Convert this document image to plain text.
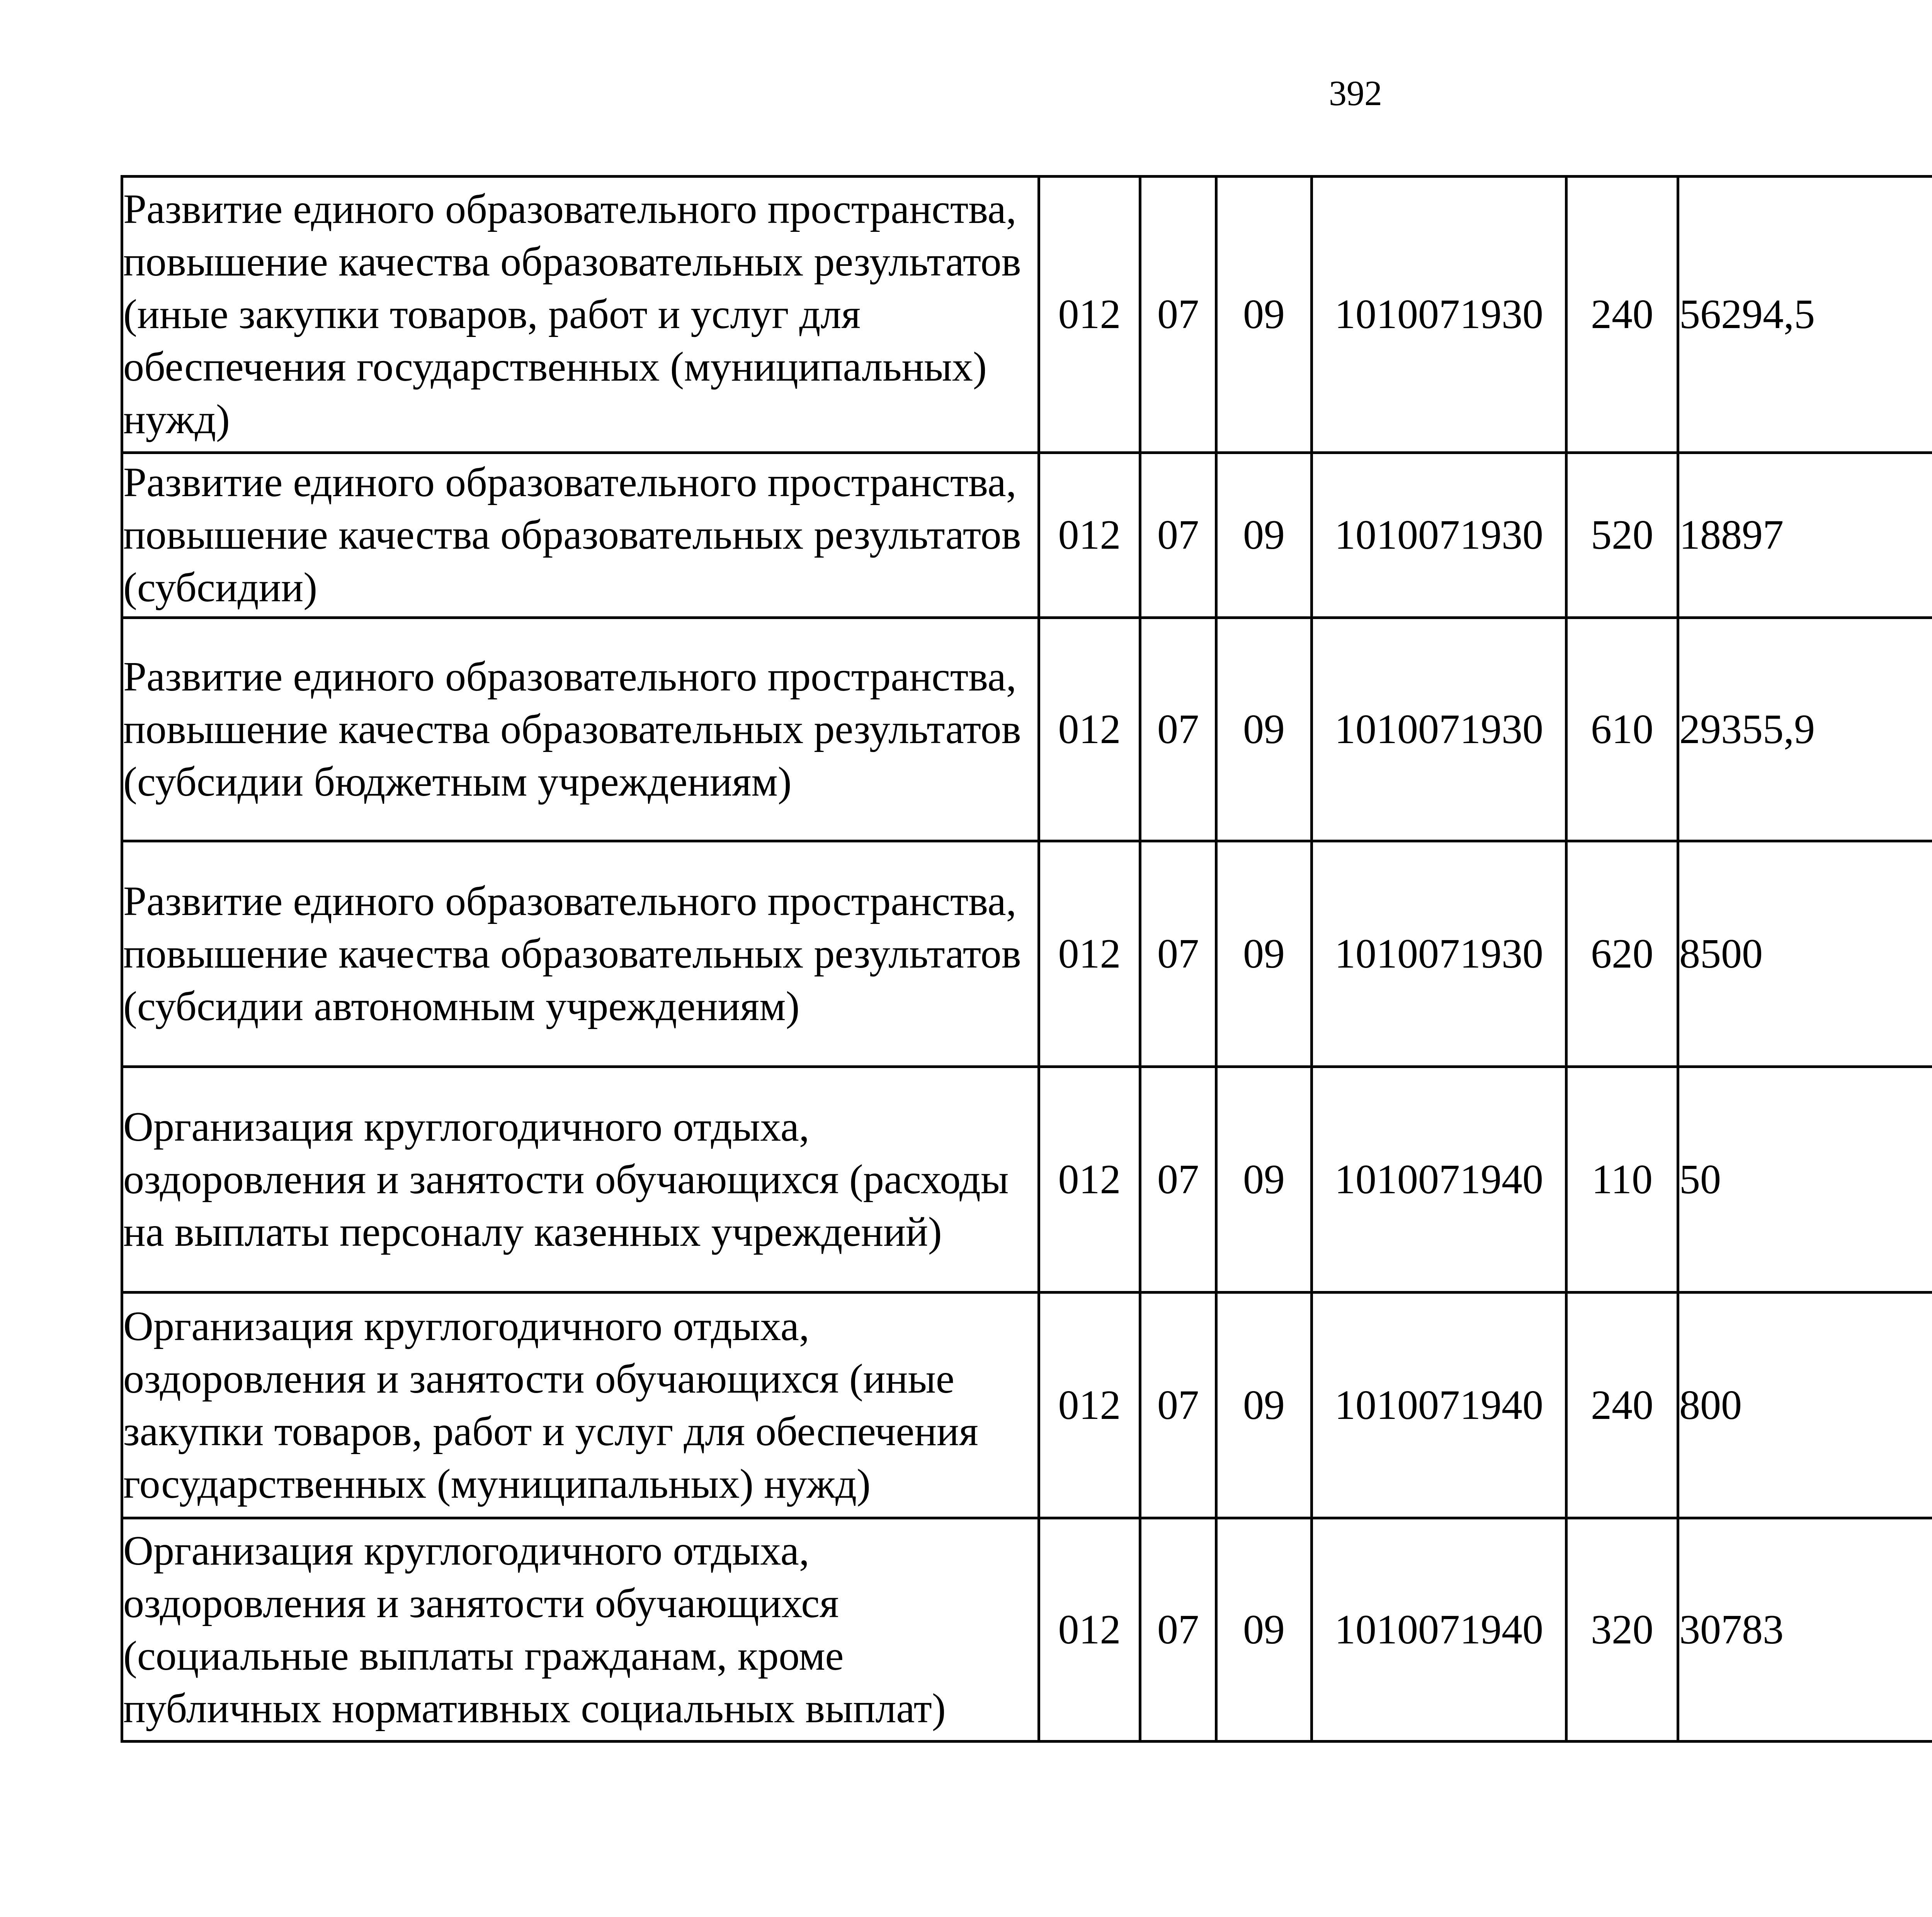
392
Развитие единого образовательного пространства, повышение качества образовательных результатов (иные закупки товаров, работ и услуг для обеспечения государственных (муниципальных) нужд)	012	07	09	1010071930	240	56294,5		
Развитие единого образовательного пространства, повышение качества образовательных результатов (субсидии)	012	07	09	1010071930	520	18897		
Развитие единого образовательного пространства, повышение качества образовательных результатов (субсидии бюджетным учреждениям)	012	07	09	1010071930	610	29355,9		
Развитие единого образовательного пространства, повышение качества образовательных результатов (субсидии автономным учреждениям)	012	07	09	1010071930	620	8500		
Организация круглогодичного отдыха, оздоровления и занятости обучающихся (расходы на выплаты персоналу казенных учреждений)	012	07	09	1010071940	110	50		
Организация круглогодичного отдыха, оздоровления и занятости обучающихся (иные закупки товаров, работ и услуг для обеспечения государственных (муниципальных) нужд)	012	07	09	1010071940	240	800		
Организация круглогодичного отдыха, оздоровления и занятости обучающихся (социальные выплаты гражданам, кроме публичных нормативных социальных выплат)	012	07	09	1010071940	320	30783		
